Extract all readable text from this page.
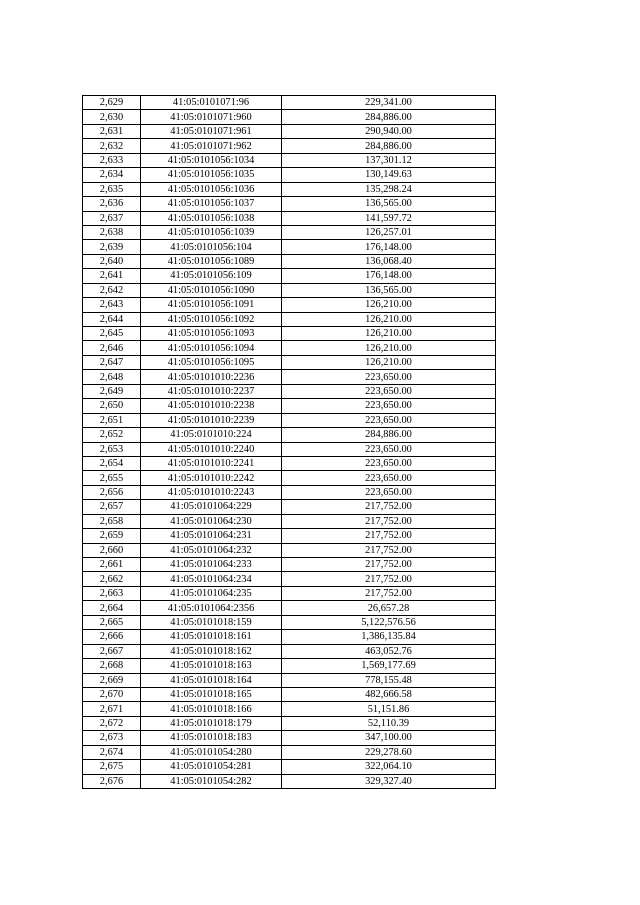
2,629	41:05:0101071:96	229,341.00
2,630	41:05:0101071:960	284,886.00
2,631	41:05:0101071:961	290,940.00
2,632	41:05:0101071:962	284,886.00
2,633	41:05:0101056:1034	137,301.12
2,634	41:05:0101056:1035	130,149.63
2,635	41:05:0101056:1036	135,298.24
2,636	41:05:0101056:1037	136,565.00
2,637	41:05:0101056:1038	141,597.72
2,638	41:05:0101056:1039	126,257.01
2,639	41:05:0101056:104	176,148.00
2,640	41:05:0101056:1089	136,068.40
2,641	41:05:0101056:109	176,148.00
2,642	41:05:0101056:1090	136,565.00
2,643	41:05:0101056:1091	126,210.00
2,644	41:05:0101056:1092	126,210.00
2,645	41:05:0101056:1093	126,210.00
2,646	41:05:0101056:1094	126,210.00
2,647	41:05:0101056:1095	126,210.00
2,648	41:05:0101010:2236	223,650.00
2,649	41:05:0101010:2237	223,650.00
2,650	41:05:0101010:2238	223,650.00
2,651	41:05:0101010:2239	223,650.00
2,652	41:05:0101010:224	284,886.00
2,653	41:05:0101010:2240	223,650.00
2,654	41:05:0101010:2241	223,650.00
2,655	41:05:0101010:2242	223,650.00
2,656	41:05:0101010:2243	223,650.00
2,657	41:05:0101064:229	217,752.00
2,658	41:05:0101064:230	217,752.00
2,659	41:05:0101064:231	217,752.00
2,660	41:05:0101064:232	217,752.00
2,661	41:05:0101064:233	217,752.00
2,662	41:05:0101064:234	217,752.00
2,663	41:05:0101064:235	217,752.00
2,664	41:05:0101064:2356	26,657.28
2,665	41:05:0101018:159	5,122,576.56
2,666	41:05:0101018:161	1,386,135.84
2,667	41:05:0101018:162	463,052.76
2,668	41:05:0101018:163	1,569,177.69
2,669	41:05:0101018:164	778,155.48
2,670	41:05:0101018:165	482,666.58
2,671	41:05:0101018:166	51,151.86
2,672	41:05:0101018:179	52,110.39
2,673	41:05:0101018:183	347,100.00
2,674	41:05:0101054:280	229,278.60
2,675	41:05:0101054:281	322,064.10
2,676	41:05:0101054:282	329,327.40
